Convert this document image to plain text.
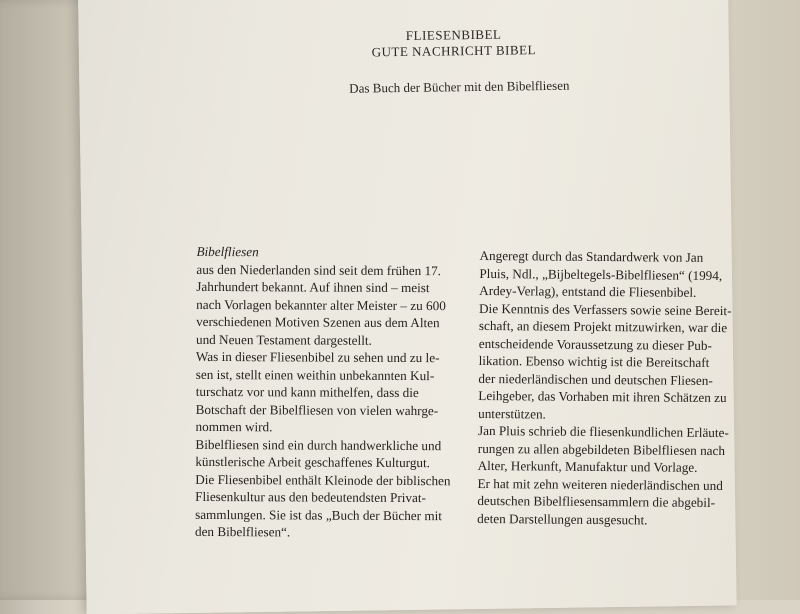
FLIESENBIBEL
GUTE NACHRICHT BIBEL
Das Buch der Bücher mit den Bibelfliesen
Bibelfliesen
aus den Niederlanden sind seit dem frühen 17.
Jahrhundert bekannt. Auf ihnen sind – meist
nach Vorlagen bekannter alter Meister – zu 600
verschiedenen Motiven Szenen aus dem Alten
und Neuen Testament dargestellt.
Was in dieser Fliesenbibel zu sehen und zu le-
sen ist, stellt einen weithin unbekannten Kul-
turschatz vor und kann mithelfen, dass die
Botschaft der Bibelfliesen von vielen wahrge-
nommen wird.
Bibelfliesen sind ein durch handwerkliche und
künstlerische Arbeit geschaffenes Kulturgut.
Die Fliesenbibel enthält Kleinode der biblischen
Fliesenkultur aus den bedeutendsten Privat-
sammlungen. Sie ist das „Buch der Bücher mit
den Bibelfliesen“.
Angeregt durch das Standardwerk von Jan
Pluis, Ndl., „Bijbeltegels-Bibelfliesen“ (1994,
Ardey-Verlag), entstand die Fliesenbibel.
Die Kenntnis des Verfassers sowie seine Bereit-
schaft, an diesem Projekt mitzuwirken, war die
entscheidende Voraussetzung zu dieser Pub-
likation. Ebenso wichtig ist die Bereitschaft
der niederländischen und deutschen Fliesen-
Leihgeber, das Vorhaben mit ihren Schätzen zu
unterstützen.
Jan Pluis schrieb die fliesenkundlichen Erläute-
rungen zu allen abgebildeten Bibelfliesen nach
Alter, Herkunft, Manufaktur und Vorlage.
Er hat mit zehn weiteren niederländischen und
deutschen Bibelfliesensammlern die abgebil-
deten Darstellungen ausgesucht.
